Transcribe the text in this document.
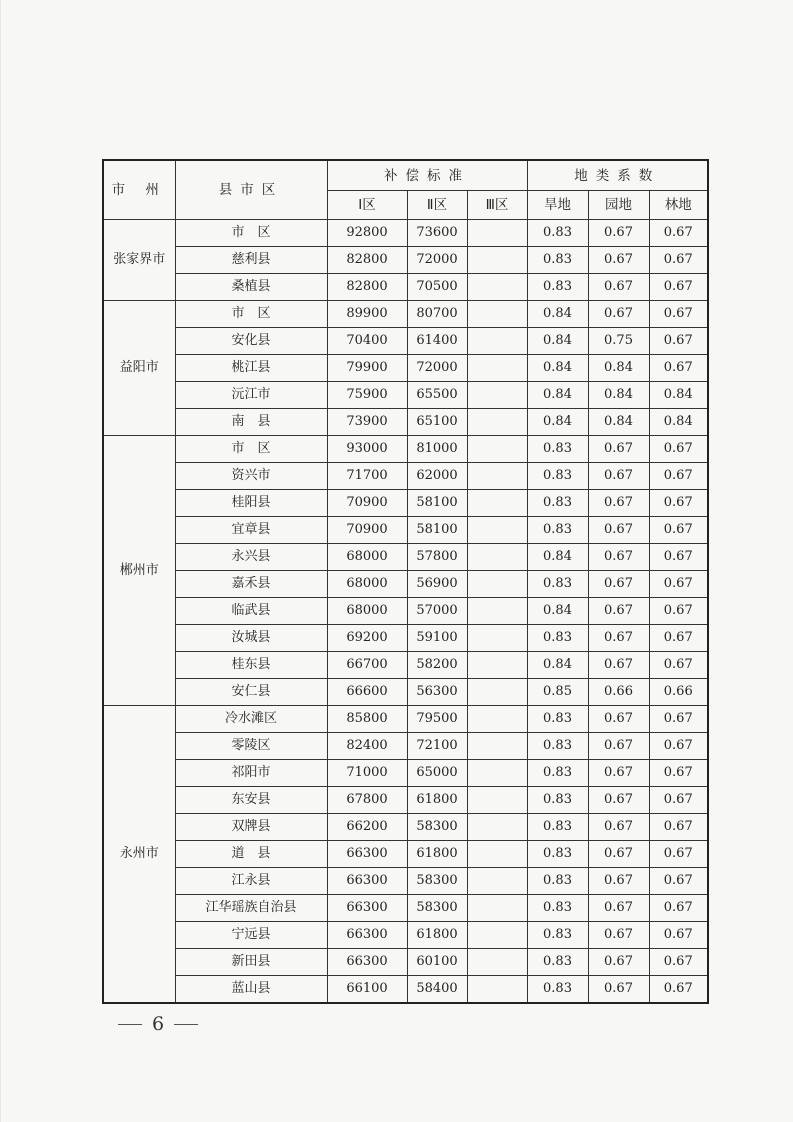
市 州	县市区	补偿标准			地类系数		
		Ⅰ区	Ⅱ区	Ⅲ区	旱地	园地	林地
张家界市	市　区	92800	73600		0.83	0.67	0.67
	慈利县	82800	72000		0.83	0.67	0.67
	桑植县	82800	70500		0.83	0.67	0.67
益阳市	市　区	89900	80700		0.84	0.67	0.67
	安化县	70400	61400		0.84	0.75	0.67
	桃江县	79900	72000		0.84	0.84	0.67
	沅江市	75900	65500		0.84	0.84	0.84
	南　县	73900	65100		0.84	0.84	0.84
郴州市	市　区	93000	81000		0.83	0.67	0.67
	资兴市	71700	62000		0.83	0.67	0.67
	桂阳县	70900	58100		0.83	0.67	0.67
	宜章县	70900	58100		0.83	0.67	0.67
	永兴县	68000	57800		0.84	0.67	0.67
	嘉禾县	68000	56900		0.83	0.67	0.67
	临武县	68000	57000		0.84	0.67	0.67
	汝城县	69200	59100		0.83	0.67	0.67
	桂东县	66700	58200		0.84	0.67	0.67
	安仁县	66600	56300		0.85	0.66	0.66
永州市	冷水滩区	85800	79500		0.83	0.67	0.67
	零陵区	82400	72100		0.83	0.67	0.67
	祁阳市	71000	65000		0.83	0.67	0.67
	东安县	67800	61800		0.83	0.67	0.67
	双牌县	66200	58300		0.83	0.67	0.67
	道　县	66300	61800		0.83	0.67	0.67
	江永县	66300	58300		0.83	0.67	0.67
	江华瑶族自治县	66300	58300		0.83	0.67	0.67
	宁远县	66300	61800		0.83	0.67	0.67
	新田县	66300	60100		0.83	0.67	0.67
	蓝山县	66100	58400		0.83	0.67	0.67
6
